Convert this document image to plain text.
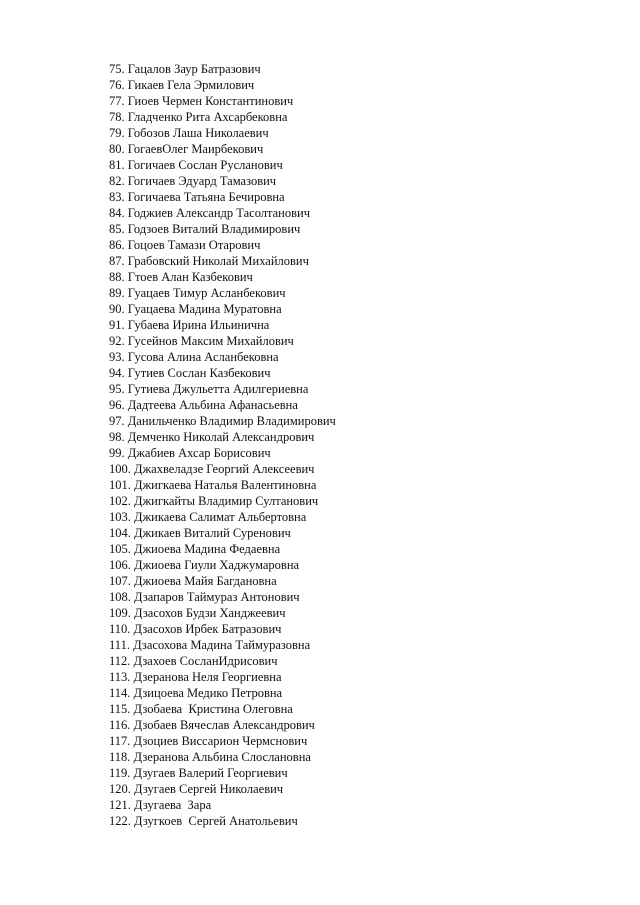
75. Гацалов Заур Батразович
76. Гикаев Гела Эрмилович
77. Гиоев Чермен Константинович
78. Гладченко Рита Ахсарбековна
79. Гобозов Лаша Николаевич
80. ГогаевОлег Маирбекович
81. Гогичаев Сослан Русланович
82. Гогичаев Эдуард Тамазович
83. Гогичаева Татьяна Бечировна
84. Годжиев Александр Тасолтанович
85. Годзоев Виталий Владимирович
86. Гоцоев Тамази Отарович
87. Грабовский Николай Михайлович
88. Гтоев Алан Казбекович
89. Гуацаев Тимур Асланбекович
90. Гуацаева Мадина Муратовна
91. Губаева Ирина Ильинична
92. Гусейнов Максим Михайлович
93. Гусова Алина Асланбековна
94. Гутиев Сослан Казбекович
95. Гутиева Джульетта Адилгериевна
96. Дадтеева Альбина Афанасьевна
97. Данильченко Владимир Владимирович
98. Демченко Николай Александрович
99. Джабиев Ахсар Борисович
100. Джахвеладзе Георгий Алексеевич
101. Джигкаева Наталья Валентиновна
102. Джигкайты Владимир Султанович
103. Джикаева Салимат Альбертовна
104. Джикаев Виталий Суренович
105. Джиоева Мадина Федаевна
106. Джиоева Гиули Хаджумаровна
107. Джиоева Майя Багдановна
108. Дзапаров Таймураз Антонович
109. Дзасохов Будзи Ханджеевич
110. Дзасохов Ирбек Батразович
111. Дзасохова Мадина Таймуразовна
112. Дзахоев СосланИдрисович
113. Дзеранова Неля Георгиевна
114. Дзицоева Медико Петровна
115. Дзобаева  Кристина Олеговна
116. Дзобаев Вячеслав Александрович
117. Дзоциев Виссарион Чермснович
118. Дзеранова Альбина Слослановна
119. Дзугаев Валерий Георгиевич
120. Дзугаев Сергей Николаевич
121. Дзугаева  Зара
122. Дзугкоев  Сергей Анатольевич
